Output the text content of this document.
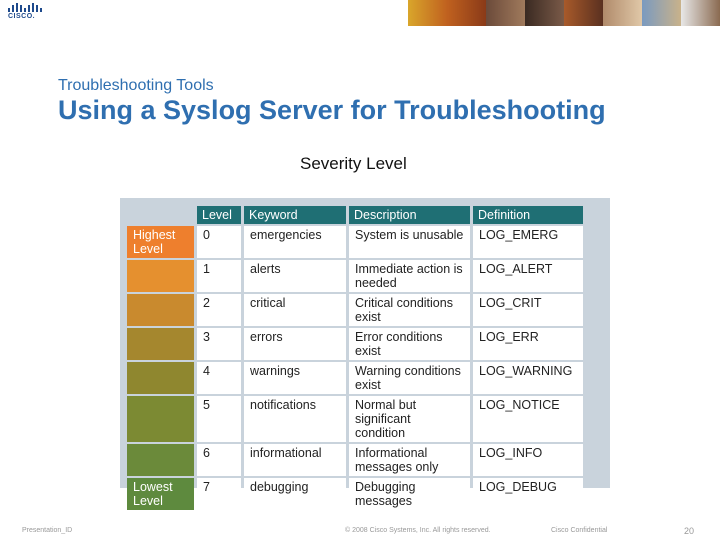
CISCO.
Troubleshooting Tools
Using a Syslog Server for Troubleshooting
Severity Level
	Level	Keyword	Description	Definition
Highest Level	0	emergencies	System is unusable	LOG_EMERG
	1	alerts	Immediate action is needed	LOG_ALERT
	2	critical	Critical conditions exist	LOG_CRIT
	3	errors	Error conditions exist	LOG_ERR
	4	warnings	Warning conditions exist	LOG_WARNING
	5	notifications	Normal but significant condition	LOG_NOTICE
	6	informational	Informational messages only	LOG_INFO
Lowest Level	7	debugging	Debugging messages	LOG_DEBUG
Presentation_ID	© 2008 Cisco Systems, Inc. All rights reserved.	Cisco Confidential	20
